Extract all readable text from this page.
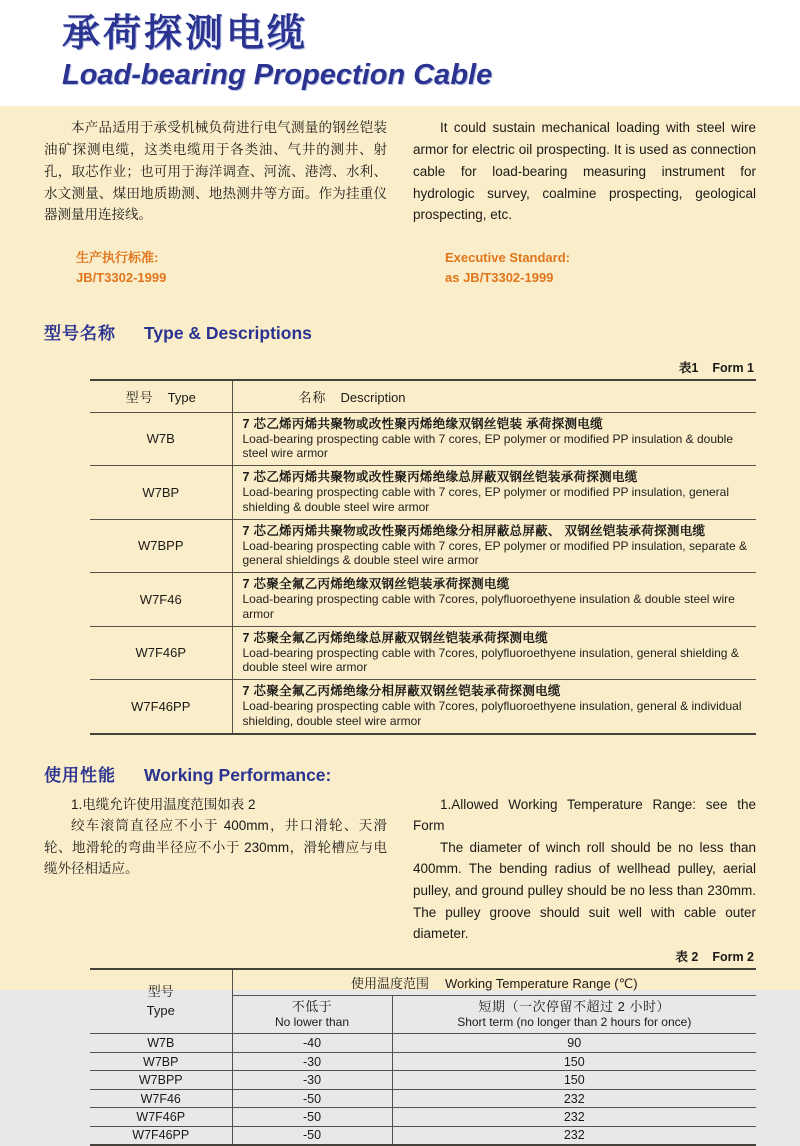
承荷探测电缆
Load-bearing Propection Cable

本产品适用于承受机械负荷进行电气测量的钢丝铠装油矿探测电缆，这类电缆用于各类油、气井的测井、射孔，取芯作业；也可用于海洋调查、河流、港湾、水利、水文测量、煤田地质勘测、地热测井等方面。作为挂重仪器测量用连接线。

It could sustain mechanical loading with steel wire armor for electric oil prospecting. It is used as connection cable for load-bearing measuring instrument for hydrologic survey, coalmine prospecting, geological prospecting, etc.

生产执行标准:
JB/T3302-1999
Executive Standard:
as JB/T3302-1999
型号名称 Type & Descriptions
表1 Form 1
型号 Type	名称 Description
W7B	7 芯乙烯丙烯共聚物或改性聚丙烯绝缘双钢丝铠装 承荷探测电缆
Load-bearing prospecting cable with 7 cores, EP polymer or modified PP insulation & double steel wire armor

W7BP	7 芯乙烯丙烯共聚物或改性聚丙烯绝缘总屏蔽双钢丝铠装承荷探测电缆
Load-bearing prospecting cable with 7 cores, EP polymer or modified PP insulation, general shielding & double steel wire armor

W7BPP	7 芯乙烯丙烯共聚物或改性聚丙烯绝缘分相屏蔽总屏蔽、 双钢丝铠装承荷探测电缆
Load-bearing prospecting cable with 7 cores, EP polymer or modified PP insulation, separate & general shieldings & double steel wire armor

W7F46	7 芯聚全氟乙丙烯绝缘双钢丝铠装承荷探测电缆
Load-bearing prospecting cable with 7cores, polyfluoroethyene insulation & double steel wire armor

W7F46P	7 芯聚全氟乙丙烯绝缘总屏蔽双钢丝铠装承荷探测电缆
Load-bearing prospecting cable with 7cores, polyfluoroethyene insulation, general shielding & double steel wire armor

W7F46PP	7 芯聚全氟乙丙烯绝缘分相屏蔽双钢丝铠装承荷探测电缆
Load-bearing prospecting cable with 7cores, polyfluoroethyene insulation, general & individual shielding, double steel wire armor
使用性能 Working Performance:

1.电缆允许使用温度范围如表 2

绞车滚筒直径应不小于 400mm，井口滑轮、天滑轮、地滑轮的弯曲半径应不小于 230mm，滑轮槽应与电缆外径相适应。

1.Allowed Working Temperature Range: see the Form

The diameter of winch roll should be no less than 400mm. The bending radius of wellhead pulley, aerial pulley, and ground pulley should be no less than 230mm. The pulley groove should suit well with cable outer diameter.

表 2 Form 2
型号
Type	使用温度范围 Working Temperature Range (℃)	

	不低于
No lower than	短期（一次停留不超过 2 小时）
Short term (no longer than 2 hours for once)

W7B	-40	90
W7BP	-30	150
W7BPP	-30	150
W7F46	-50	232
W7F46P	-50	232
W7F46PP	-50	232
